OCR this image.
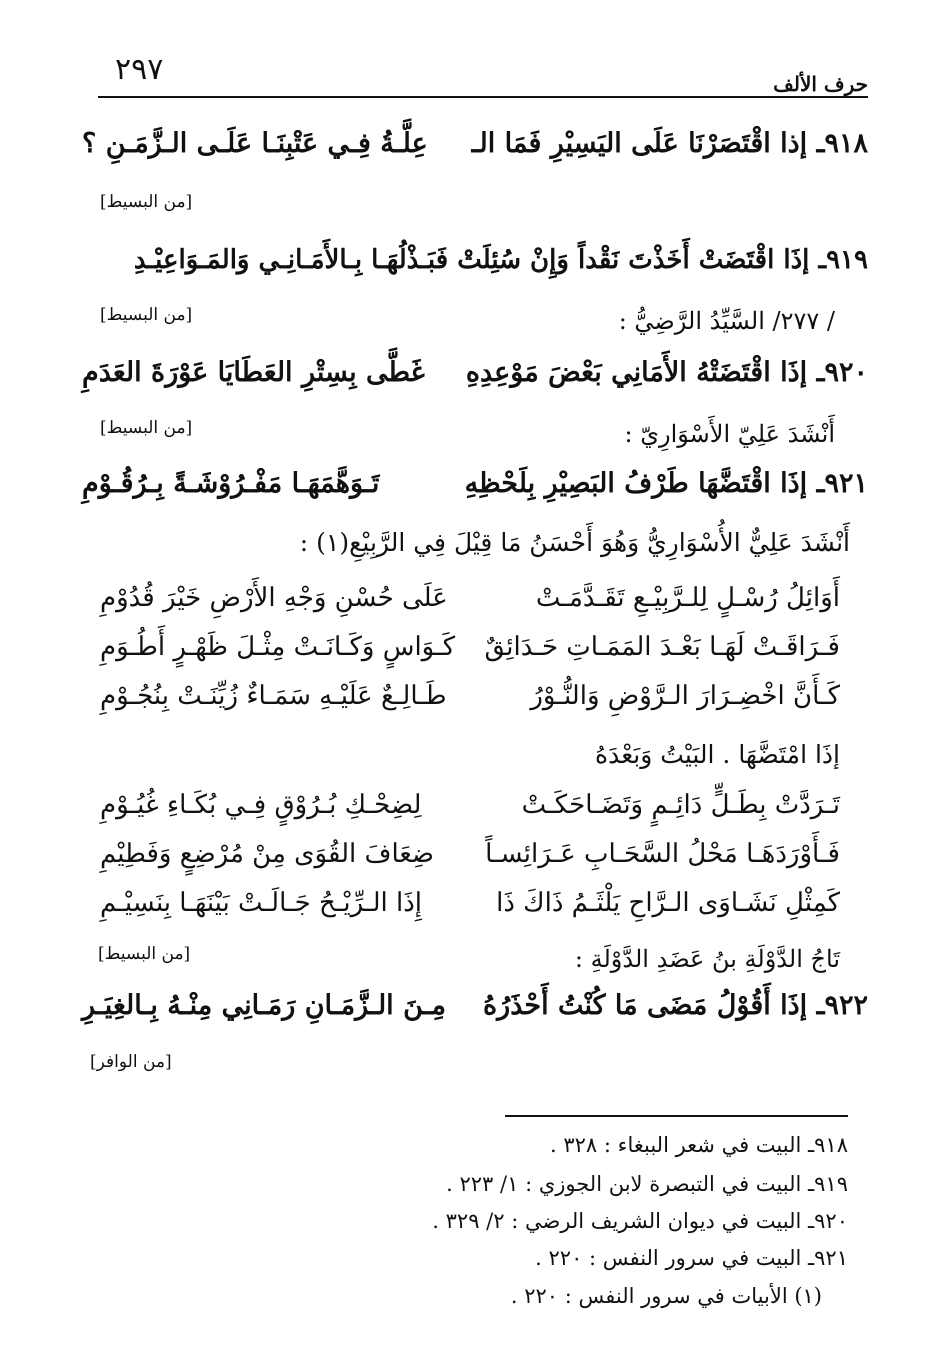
٢٩٧	حرف الألف
٩١٨ـ إذا اقْتَصَرْنَا عَلَى اليَسِيْرِ فَمَا الـ
عِلَّـةُ فِـي عَتْبِنَـا عَلَـى الـزَّمَـنِ ؟
[من البسيط]
٩١٩ـ إذَا اقْتَضَتْ أَخَذْتَ نَقْداً وَإِنْ سُئِلَتْ فَبَـذْلُهَـا بِـالأَمَـانِـي وَالمَـوَاعِيْـدِ
/ ٢٧٧/ السَّيِّدُ الرَّضِيُّ :
[من البسيط]
٩٢٠ـ إذَا اقْتَضَتْهُ الأَمَانِي بَعْضَ مَوْعِدِهِ
غَطَّى بِسِتْرِ العَطَايَا عَوْرَةَ العَدَمِ
أَنْشَدَ عَلِيّ الأَسْوَارِيّ :
[من البسيط]
٩٢١ـ إذَا اقْتَضَّهَا طَرْفُ البَصِيْرِ بِلَحْظِهِ
تَـوَهَّمَهَـا مَفْـرُوْشَـةً بِـرُقُـوْمِ
أَنْشَدَ عَلِيٌّ الأُسْوَارِيُّ وَهُوَ أَحْسَنُ مَا قِيْلَ فِي الرَّبِيْعِ(١) :
أَوَائِلُ رُسْـلٍ لِلـرَّبِيْـعِ تَقَـدَّمَـتْ
عَلَى حُسْنِ وَجْهِ الأَرْضِ خَيْرَ قُدُوْمِ
فَـرَاقَـتْ لَهَـا بَعْـدَ المَمَـاتِ حَـدَائِقٌ
كَـوَاسٍ وَكَـانَـتْ مِثْـلَ ظَهْـرٍ أَطُـوَمِ
كَـأَنَّ اخْضِـرَارَ الـرَّوْضِ وَالنُّـوْرُ
طَـالِـعٌ عَلَيْـهِ سَمَـاءٌ زُيِّنَـتْ بِنُجُـوْمِ
إذَا امْتَضَّهَا . البَيْتُ وَبَعْدَهُ
تَـرَدَّتْ بِطَـلٍّ دَائِـمٍ وَتَضَـاحَكَـتْ
لِضِحْـكِ بُـرُوْقٍ فِـي بُكَـاءِ غُيُـوْمِ
فَـأَوْرَدَهَـا مَحْلُ السَّحَـابِ عَـرَائِسـاً
ضِعَافَ القُوَى مِنْ مُرْضِعٍ وَفَطِيْمِ
كَمِثْلِ نَشَـاوَى الـرَّاحِ يَلْثَـمُ ذَاكَ ذَا
إِذَا الـرِّيْـحُ جَـالَـتْ بَيْنَهَـا بِنَسِيْـمِ
تَاجُ الدَّوْلَةِ بنُ عَضَدِ الدَّوْلَةِ :
[من البسيط]
٩٢٢ـ إذَا أَقُوْلُ مَضَى مَا كُنْتُ أَحْذَرُهُ
مِـنَ الـزَّمَـانِ رَمَـانِي مِنْـهُ بِـالغِيَـرِ
[من الوافر]
٩١٨ـ البيت في شعر الببغاء : ٣٢٨ .
٩١٩ـ البيت في التبصرة لابن الجوزي : ١/ ٢٢٣ .
٩٢٠ـ البيت في ديوان الشريف الرضي : ٢/ ٣٢٩ .
٩٢١ـ البيت في سرور النفس : ٢٢٠ .
(١) الأبيات في سرور النفس : ٢٢٠ .
